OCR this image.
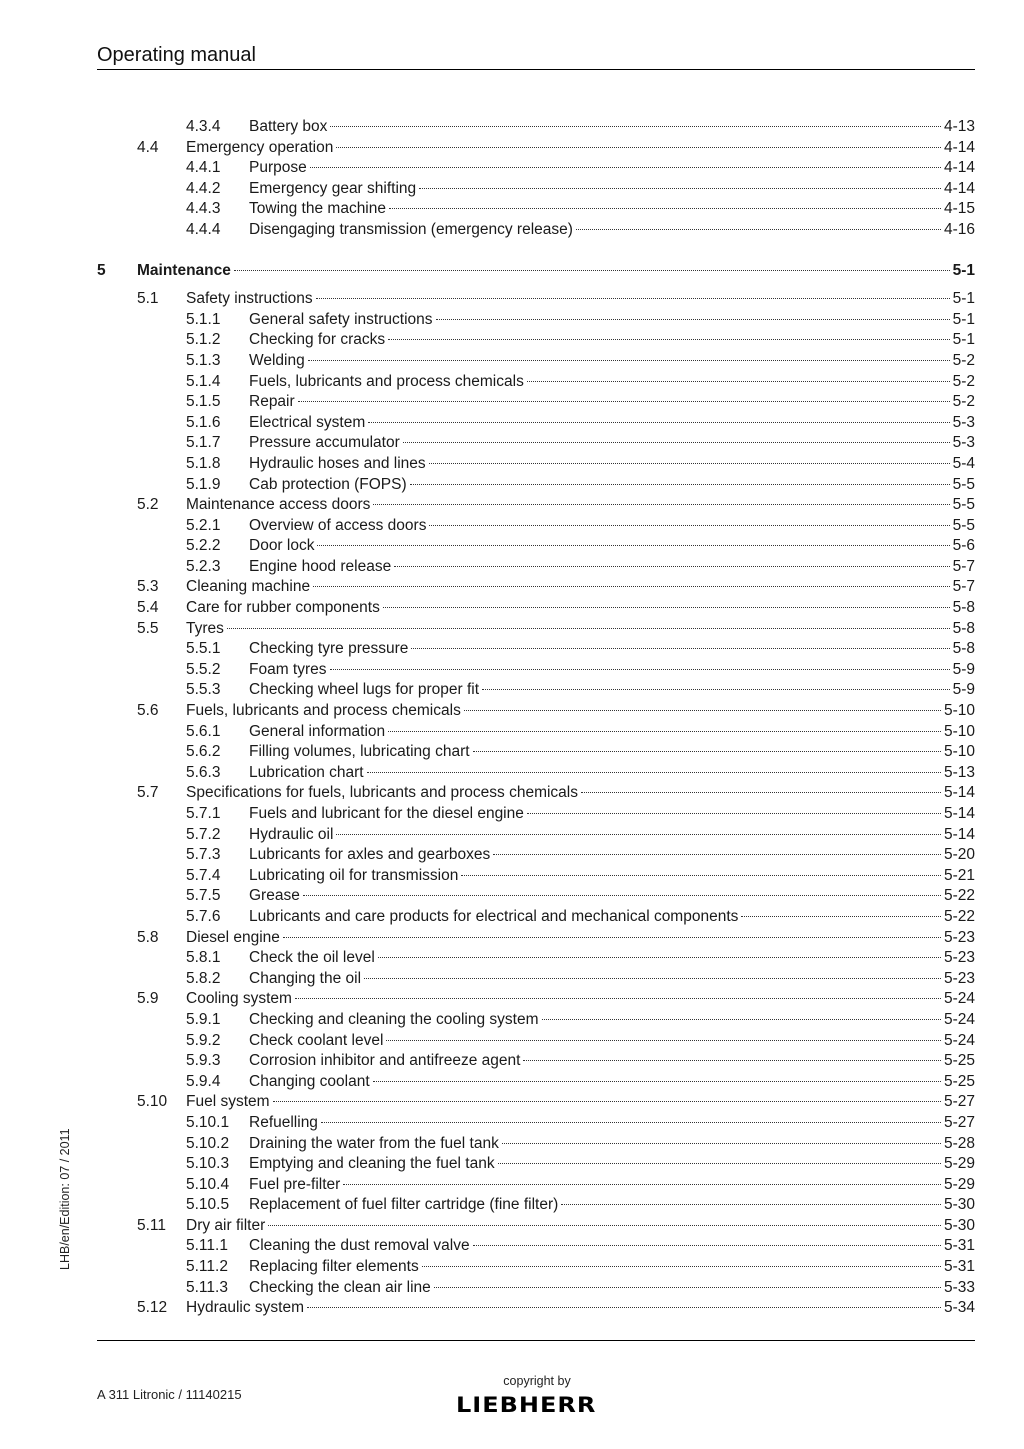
Operating manual
4.3.4 Battery box	4-13
4.4 Emergency operation	4-14
4.4.1 Purpose	4-14
4.4.2 Emergency gear shifting	4-14
4.4.3 Towing the machine	4-15
4.4.4 Disengaging transmission (emergency release)	4-16
5 Maintenance	5-1
5.1 Safety instructions	5-1
5.1.1 General safety instructions	5-1
5.1.2 Checking for cracks	5-1
5.1.3 Welding	5-2
5.1.4 Fuels, lubricants and process chemicals	5-2
5.1.5 Repair	5-2
5.1.6 Electrical system	5-3
5.1.7 Pressure accumulator	5-3
5.1.8 Hydraulic hoses and lines	5-4
5.1.9 Cab protection (FOPS)	5-5
5.2 Maintenance access doors	5-5
5.2.1 Overview of access doors	5-5
5.2.2 Door lock	5-6
5.2.3 Engine hood release	5-7
5.3 Cleaning machine	5-7
5.4 Care for rubber components	5-8
5.5 Tyres	5-8
5.5.1 Checking tyre pressure	5-8
5.5.2 Foam tyres	5-9
5.5.3 Checking wheel lugs for proper fit	5-9
5.6 Fuels, lubricants and process chemicals	5-10
5.6.1 General information	5-10
5.6.2 Filling volumes, lubricating chart	5-10
5.6.3 Lubrication chart	5-13
5.7 Specifications for fuels, lubricants and process chemicals	5-14
5.7.1 Fuels and lubricant for the diesel engine	5-14
5.7.2 Hydraulic oil	5-14
5.7.3 Lubricants for axles and gearboxes	5-20
5.7.4 Lubricating oil for transmission	5-21
5.7.5 Grease	5-22
5.7.6 Lubricants and care products for electrical and mechanical components	5-22
5.8 Diesel engine	5-23
5.8.1 Check the oil level	5-23
5.8.2 Changing the oil	5-23
5.9 Cooling system	5-24
5.9.1 Checking and cleaning the cooling system	5-24
5.9.2 Check coolant level	5-24
5.9.3 Corrosion inhibitor and antifreeze agent	5-25
5.9.4 Changing coolant	5-25
5.10 Fuel system	5-27
5.10.1 Refuelling	5-27
5.10.2 Draining the water from the fuel tank	5-28
5.10.3 Emptying and cleaning the fuel tank	5-29
5.10.4 Fuel pre-filter	5-29
5.10.5 Replacement of fuel filter cartridge (fine filter)	5-30
5.11 Dry air filter	5-30
5.11.1 Cleaning the dust removal valve	5-31
5.11.2 Replacing filter elements	5-31
5.11.3 Checking the clean air line	5-33
5.12 Hydraulic system	5-34
LHB/en/Edition: 07 / 2011
A 311 Litronic / 11140215
copyright by
LIEBHERR
